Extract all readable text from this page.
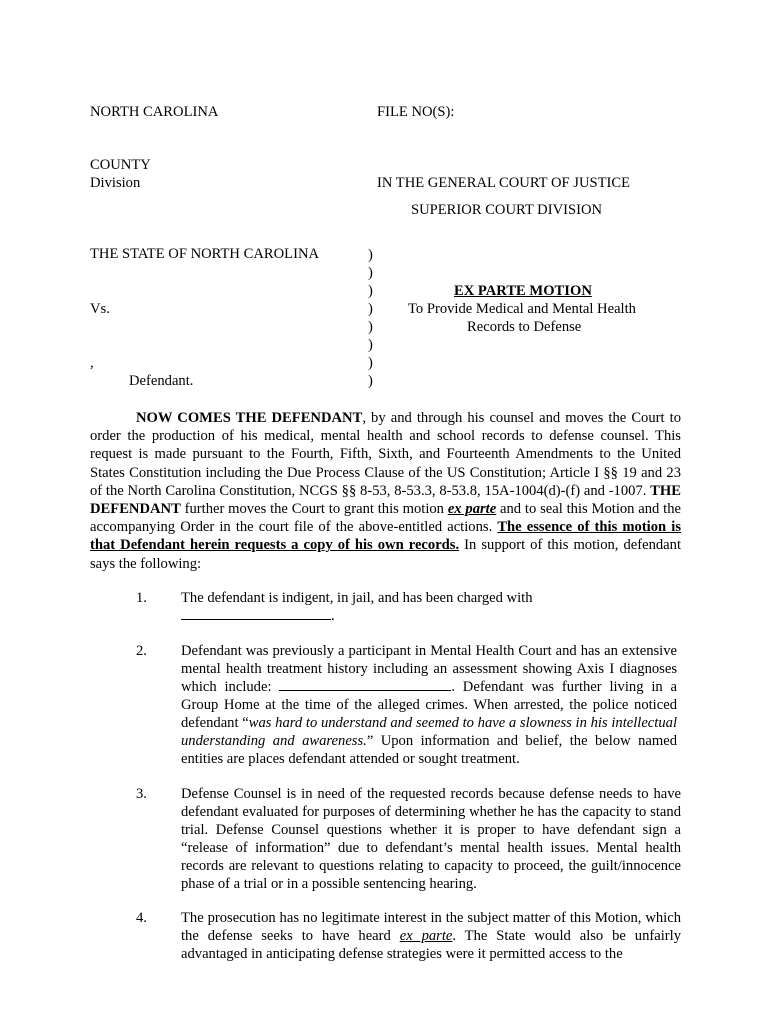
NORTH CAROLINA	FILE NO(S):
COUNTY
Division	IN THE GENERAL COURT OF JUSTICE
SUPERIOR COURT DIVISION
THE STATE OF NORTH CAROLINA
Vs.
,
Defendant.
)
)
)
)
)
)
)
)
EX PARTE MOTION
To Provide Medical and Mental Health
Records to Defense
NOW COMES THE DEFENDANT, by and through his counsel and moves the Court to order the production of his medical, mental health and school records to defense counsel. This request is made pursuant to the Fourth, Fifth, Sixth, and Fourteenth Amendments to the United States Constitution including the Due Process Clause of the US Constitution; Article I §§ 19 and 23 of the North Carolina Constitution, NCGS §§ 8-53, 8-53.3, 8-53.8, 15A-1004(d)-(f) and -1007. THE DEFENDANT further moves the Court to grant this motion ex parte and to seal this Motion and the accompanying Order in the court file of the above-entitled actions. The essence of this motion is that Defendant herein requests a copy of his own records. In support of this motion, defendant says the following:
1. The defendant is indigent, in jail, and has been charged with
.
2. Defendant was previously a participant in Mental Health Court and has an extensive mental health treatment history including an assessment showing Axis I diagnoses which include:	. Defendant was further living in a Group Home at the time of the alleged crimes. When arrested, the police noticed defendant “was hard to understand and seemed to have a slowness in his intellectual understanding and awareness.” Upon information and belief, the below named entities are places defendant attended or sought treatment.
3. Defense Counsel is in need of the requested records because defense needs to have defendant evaluated for purposes of determining whether he has the capacity to stand trial. Defense Counsel questions whether it is proper to have defendant sign a “release of information” due to defendant’s mental health issues. Mental health records are relevant to questions relating to capacity to proceed, the guilt/innocence phase of a trial or in a possible sentencing hearing.
4. The prosecution has no legitimate interest in the subject matter of this Motion, which the defense seeks to have heard ex parte. The State would also be unfairly advantaged in anticipating defense strategies were it permitted access to the
